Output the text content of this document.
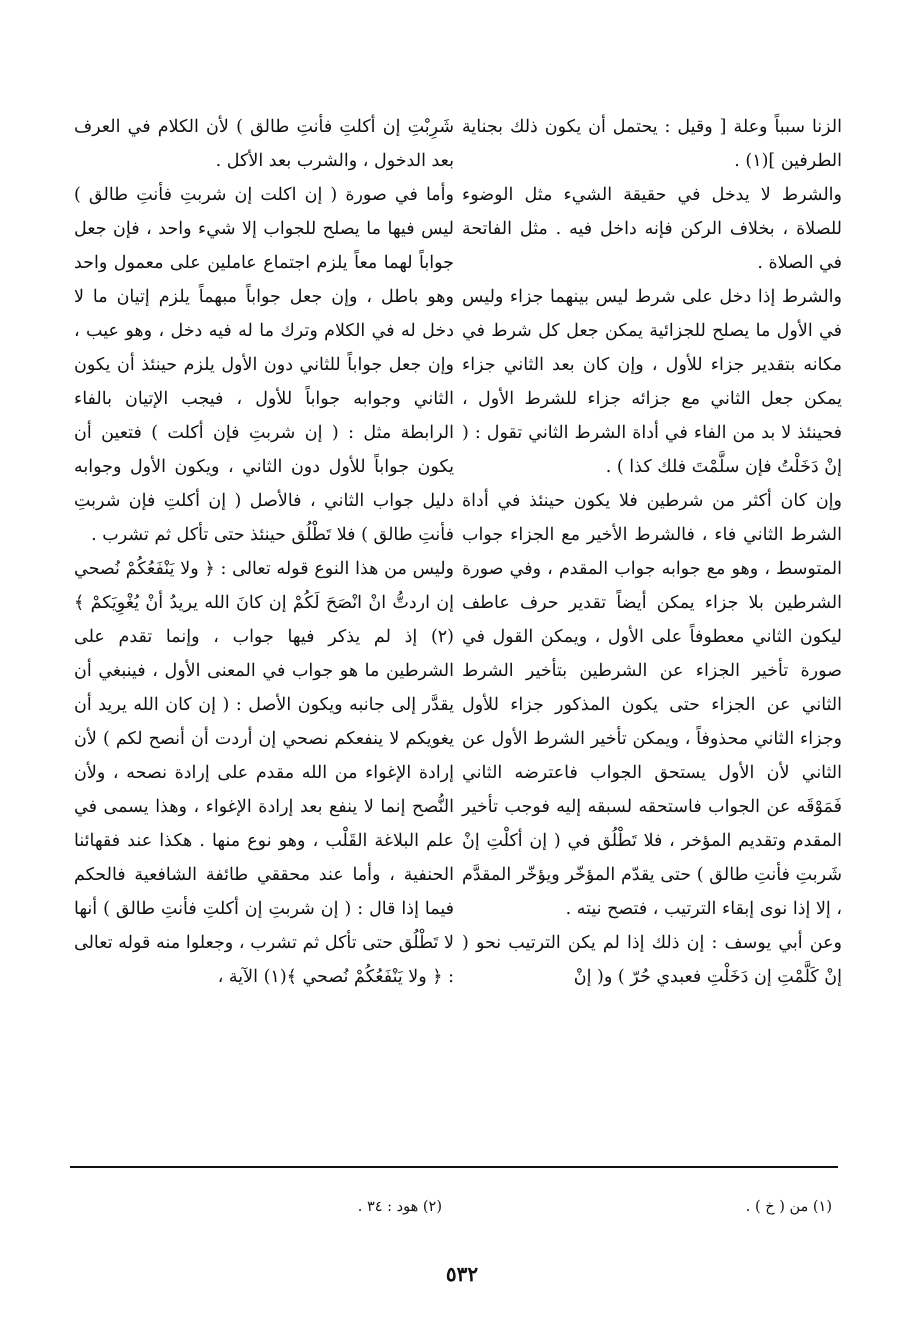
الزنا سبباً وعلة [ وقيل : يحتمل أن يكون ذلك بجناية الطرفين ](١) .

والشرط لا يدخل في حقيقة الشيء مثل الوضوء للصلاة ، بخلاف الركن فإنه داخل فيه . مثل الفاتحة في الصلاة .

والشرط إذا دخل على شرط ليس بينهما جزاء وليس في الأول ما يصلح للجزائية يمكن جعل كل شرط في مكانه بتقدير جزاء للأول ، وإن كان بعد الثاني جزاء يمكن جعل الثاني مع جزائه جزاء للشرط الأول ، فحينئذ لا بد من الفاء في أداة الشرط الثاني تقول : ( إنْ دَخَلْتُ فإن سلَّمْتَ فلك كذا ) .

وإن كان أكثر من شرطين فلا يكون حينئذ في أداة الشرط الثاني فاء ، فالشرط الأخير مع الجزاء جواب المتوسط ، وهو مع جوابه جواب المقدم ، وفي صورة الشرطين بلا جزاء يمكن أيضاً تقدير حرف عاطف ليكون الثاني معطوفاً على الأول ، ويمكن القول في صورة تأخير الجزاء عن الشرطين بتأخير الشرط الثاني عن الجزاء حتى يكون المذكور جزاء للأول وجزاء الثاني محذوفاً ، ويمكن تأخير الشرط الأول عن الثاني لأن الأول يستحق الجواب فاعترضه الثاني فَمَوْقَه عن الجواب فاستحقه لسبقه إليه فوجب تأخير المقدم وتقديم المؤخر ، فلا تَطْلُق في ( إن أكلْتِ إنْ شَربتِ فأنتِ طالق ) حتى يقدّم المؤخّر ويؤخّر المقدَّم ، إلا إذا نوى إبقاء الترتيب ، فتصح نيته .

وعن أبي يوسف : إن ذلك إذا لم يكن الترتيب نحو ( إنْ كَلَّمْتِ إن دَخَلْتِ فعبدي حُرّ ) و( إنْ

شَرِبْتِ إن أكلتِ فأنتِ طالق ) لأن الكلام في العرف بعد الدخول ، والشرب بعد الأكل .

وأما في صورة ( إن اكلت إن شربتِ فأنتِ طالق ) ليس فيها ما يصلح للجواب إلا شيء واحد ، فإن جعل جواباً لهما معاً يلزم اجتماع عاملين على معمول واحد وهو باطل ، وإن جعل جواباً مبهماً يلزم إتيان ما لا دخل له في الكلام وترك ما له فيه دخل ، وهو عيب ، وإن جعل جواباً للثاني دون الأول يلزم حينئذ أن يكون الثاني وجوابه جواباً للأول ، فيجب الإتيان بالفاء الرابطة مثل : ( إن شربتِ فإن أكلت ) فتعين أن يكون جواباً للأول دون الثاني ، ويكون الأول وجوابه دليل جواب الثاني ، فالأصل ( إن أكلتِ فإن شربتِ فأنتِ طالق ) فلا تَطْلُق حينئذ حتى تأكل ثم تشرب .

وليس من هذا النوع قوله تعالى : ﴿ ولا يَنْفَعُكُمْ نُصحي إن اردتُّ انْ انْصَحَ لَكُمْ إن كانَ الله يريدُ أنْ يُغْوِيَكمْ ﴾(٢) إذ لم يذكر فيها جواب ، وإنما تقدم على الشرطين ما هو جواب في المعنى الأول ، فينبغي أن يقدَّر إلى جانبه ويكون الأصل : ( إن كان الله يريد أن يغويكم لا ينفعكم نصحي إن أردت أن أنصح لكم ) لأن إرادة الإغواء من الله مقدم على إرادة نصحه ، ولأن النُّصح إنما لا ينفع بعد إرادة الإغواء ، وهذا يسمى في علم البلاغة القَلْب ، وهو نوع منها . هكذا عند فقهائنا الحنفية ، وأما عند محققي طائفة الشافعية فالحكم فيما إذا قال : ( إن شربتِ إن أكلتِ فأنتِ طالق ) أنها لا تَطْلُق حتى تأكل ثم تشرب ، وجعلوا منه قوله تعالى : ﴿ ولا يَنْفَعُكُمْ نُصحي ﴾(١) الآية ،

(١) من ( خ ) .
(٢) هود : ٣٤ .
٥٣٢
